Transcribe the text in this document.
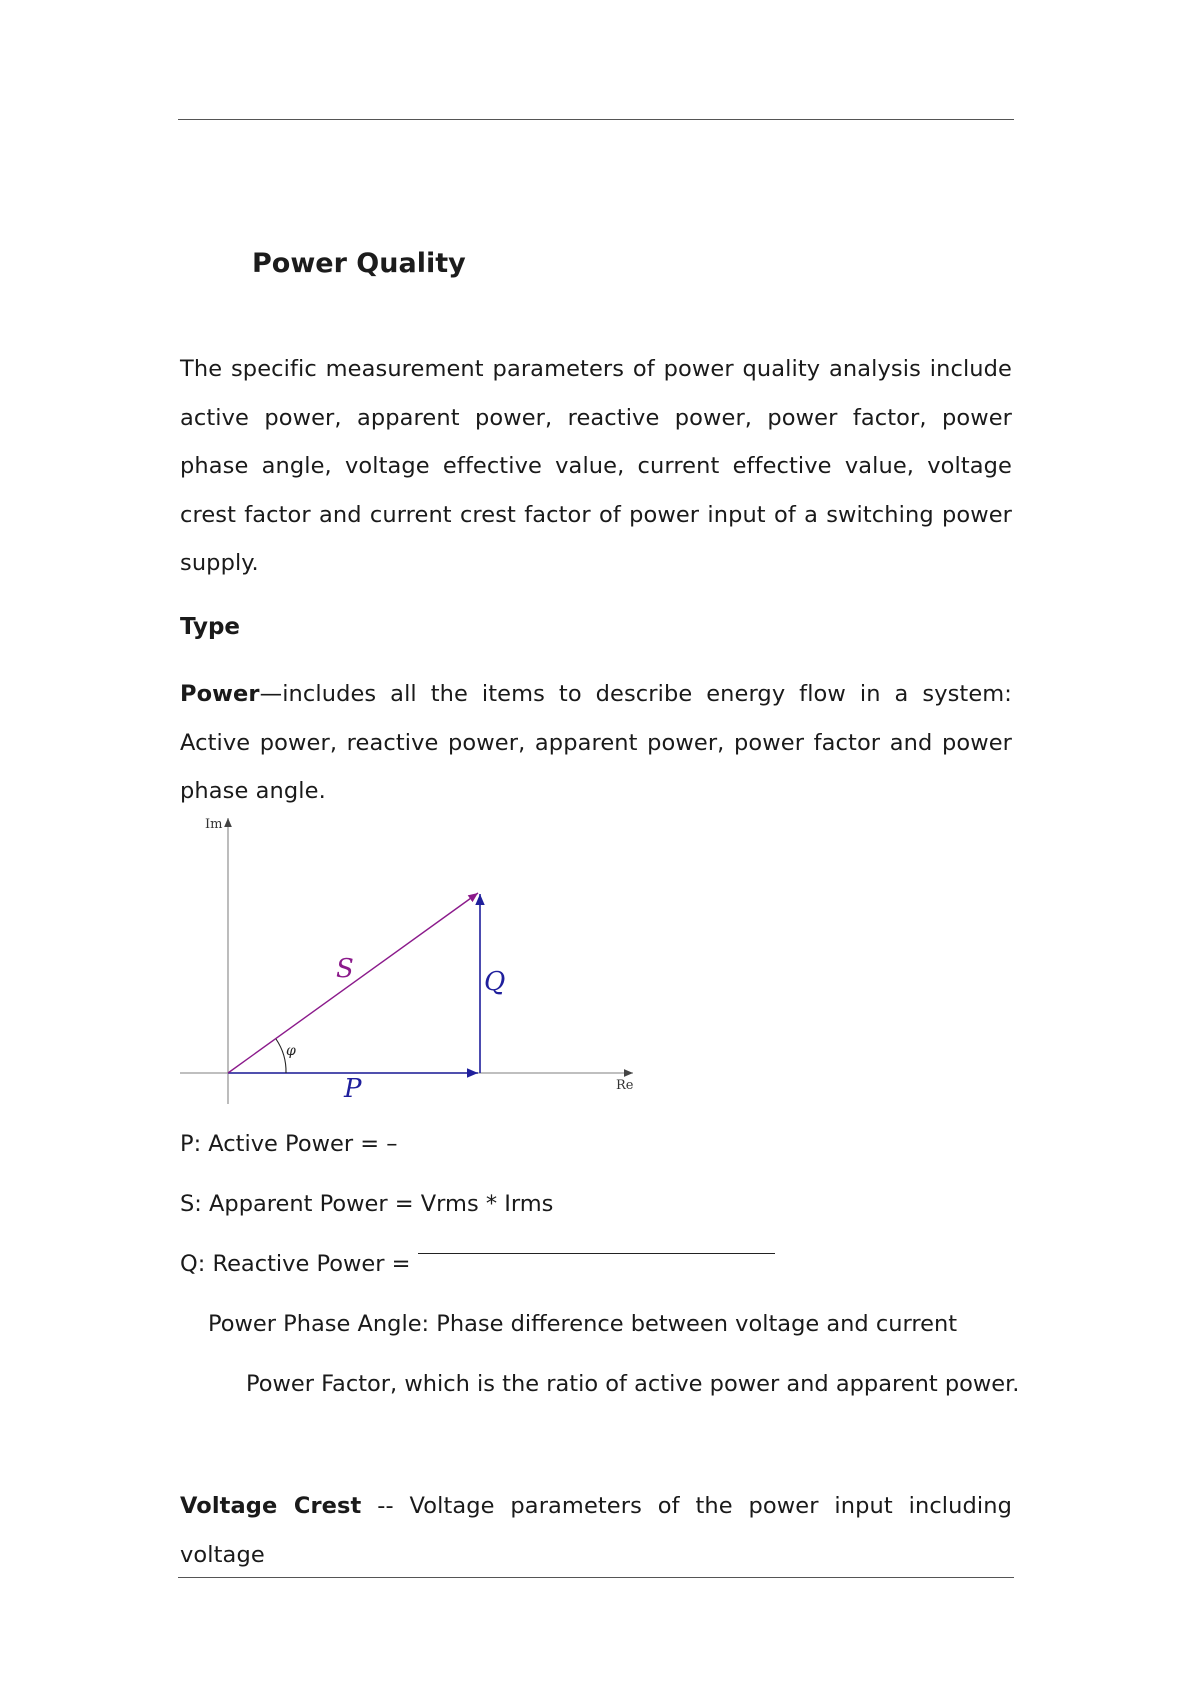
Power Quality

The specific measurement parameters of power quality analysis include active power, apparent power, reactive power, power factor, power phase angle, voltage effective value, current effective value, voltage crest factor and current crest factor of power input of a switching power supply.

Type

Power—includes all the items to describe energy flow in a system: Active power, reactive power, apparent power, power factor and power phase angle.

Im
Re
S	Q
P
φ

P: Active Power = –

S: Apparent Power = Vrms * Irms

Q: Reactive Power =

Power Phase Angle: Phase difference between voltage and current

Power Factor, which is the ratio of active power and apparent power.

Voltage Crest -- Voltage parameters of the power input including voltage
